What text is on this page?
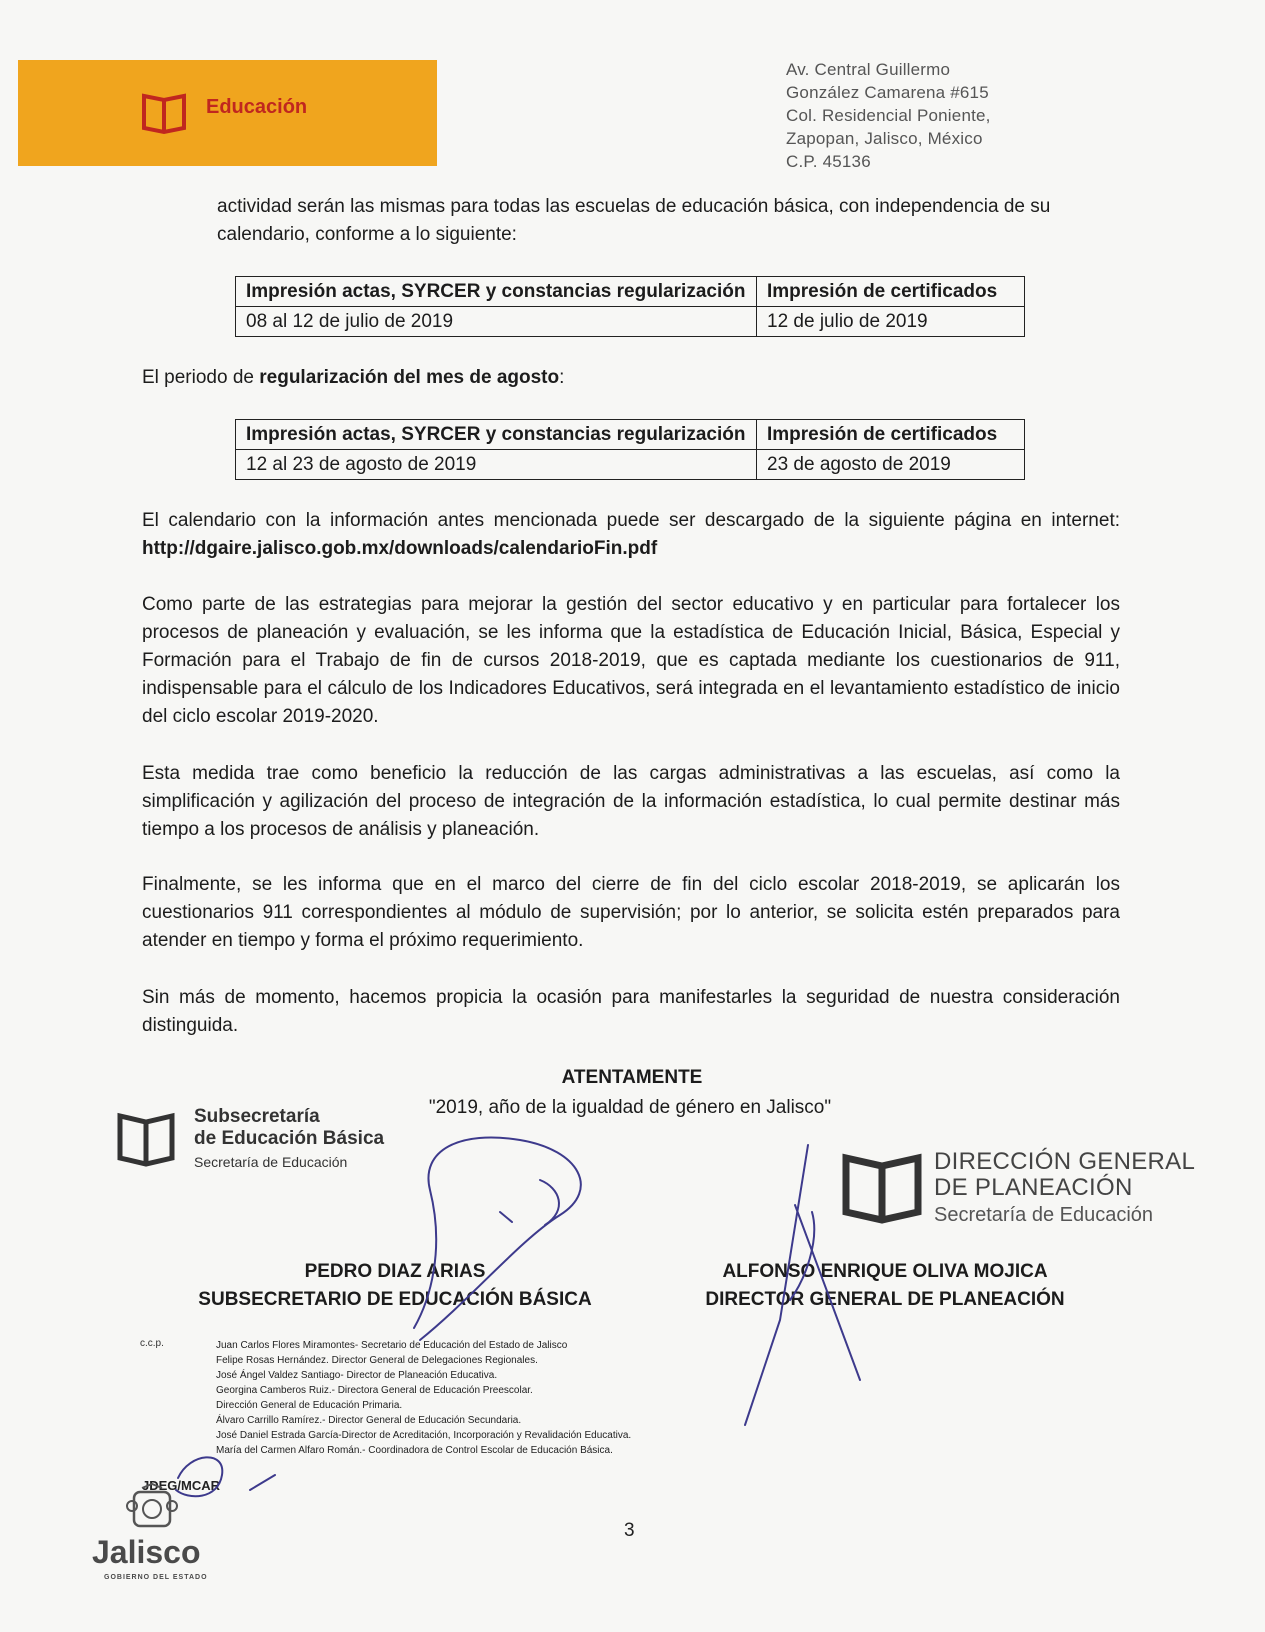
Educación
Av. Central Guillermo
González Camarena #615
Col. Residencial Poniente,
Zapopan, Jalisco, México
C.P. 45136
actividad serán las mismas para todas las escuelas de educación básica, con independencia de su
calendario, conforme a lo siguiente:
Impresión actas, SYRCER y constancias regularización	Impresión de certificados
08 al 12 de julio de 2019	12 de julio de 2019
El periodo de regularización del mes de agosto:
Impresión actas, SYRCER y constancias regularización	Impresión de certificados
12 al 23 de agosto de 2019	23 de agosto de 2019
El calendario con la información antes mencionada puede ser descargado de la siguiente página en internet: http://dgaire.jalisco.gob.mx/downloads/calendarioFin.pdf
Como parte de las estrategias para mejorar la gestión del sector educativo y en particular para fortalecer los procesos de planeación y evaluación, se les informa que la estadística de Educación Inicial, Básica, Especial y Formación para el Trabajo de fin de cursos 2018-2019, que es captada mediante los cuestionarios de 911, indispensable para el cálculo de los Indicadores Educativos, será integrada en el levantamiento estadístico de inicio del ciclo escolar 2019-2020.
Esta medida trae como beneficio la reducción de las cargas administrativas a las escuelas, así como la simplificación y agilización del proceso de integración de la información estadística, lo cual permite destinar más tiempo a los procesos de análisis y planeación.
Finalmente, se les informa que en el marco del cierre de fin del ciclo escolar 2018-2019, se aplicarán los cuestionarios 911 correspondientes al módulo de supervisión; por lo anterior, se solicita estén preparados para atender en tiempo y forma el próximo requerimiento.
Sin más de momento, hacemos propicia la ocasión para manifestarles la seguridad de nuestra consideración distinguida.
ATENTAMENTE
"2019, año de la igualdad de género en Jalisco"
Subsecretaría
de Educación Básica
Secretaría de Educación	DIRECCIÓN GENERAL
DE PLANEACIÓN
Secretaría de Educación
PEDRO DIAZ ARIAS
SUBSECRETARIO DE EDUCACIÓN BÁSICA
ALFONSO ENRIQUE OLIVA MOJICA
DIRECTOR GENERAL DE PLANEACIÓN
c.c.p.	Juan Carlos Flores Miramontes- Secretario de Educación del Estado de Jalisco
Felipe Rosas Hernández. Director General de Delegaciones Regionales.
José Ángel Valdez Santiago- Director de Planeación Educativa.
Georgina Camberos Ruiz.- Directora General de Educación Preescolar.
Dirección General de Educación Primaria.
Álvaro Carrillo Ramírez.- Director General de Educación Secundaria.
José Daniel Estrada García-Director de Acreditación, Incorporación y Revalidación Educativa.
María del Carmen Alfaro Román.- Coordinadora de Control Escolar de Educación Básica.
JDEG/MCAR
3
Jalisco
GOBIERNO DEL ESTADO
